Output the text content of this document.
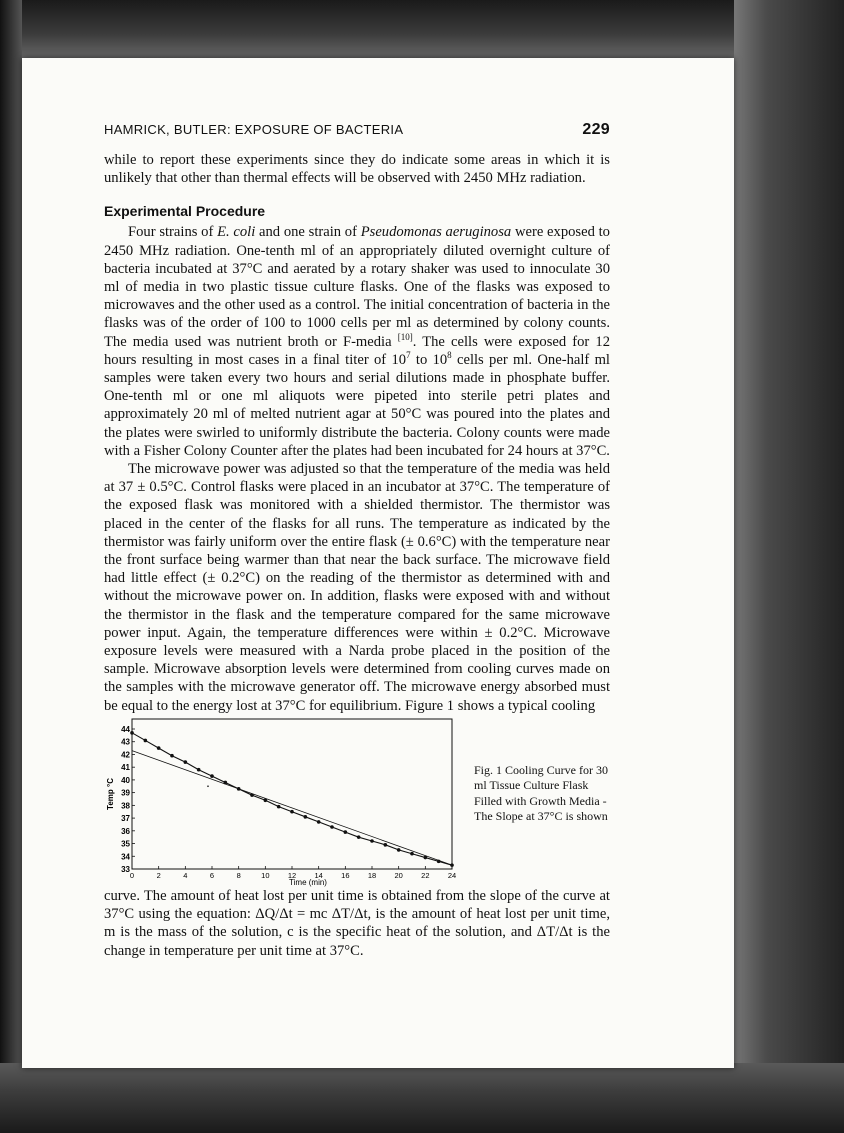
HAMRICK, BUTLER: EXPOSURE OF BACTERIA	229

while to report these experiments since they do indicate some areas in which it is unlikely that other than thermal effects will be observed with 2450 MHz radiation.

Experimental Procedure

Four strains of E. coli and one strain of Pseudomonas aeruginosa were exposed to 2450 MHz radiation. One-tenth ml of an appropriately diluted overnight culture of bacteria incubated at 37°C and aerated by a rotary shaker was used to innoculate 30 ml of media in two plastic tissue culture flasks. One of the flasks was exposed to microwaves and the other used as a control. The initial concentration of bacteria in the flasks was of the order of 100 to 1000 cells per ml as determined by colony counts. The media used was nutrient broth or F-media [10]. The cells were exposed for 12 hours resulting in most cases in a final titer of $10^7$ to $10^8$ cells per ml. One-half ml samples were taken every two hours and serial dilutions made in phosphate buffer. One-tenth ml or one ml aliquots were pipeted into sterile petri plates and approximately 20 ml of melted nutrient agar at 50°C was poured into the plates and the plates were swirled to uniformly distribute the bacteria. Colony counts were made with a Fisher Colony Counter after the plates had been incubated for 24 hours at 37°C.

The microwave power was adjusted so that the temperature of the media was held at 37 ± 0.5°C. Control flasks were placed in an incubator at 37°C. The temperature of the exposed flask was monitored with a shielded thermistor. The thermistor was placed in the center of the flasks for all runs. The temperature as indicated by the thermistor was fairly uniform over the entire flask (± 0.6°C) with the temperature near the front surface being warmer than that near the back surface. The microwave field had little effect (± 0.2°C) on the reading of the thermistor as determined with and without the microwave power on. In addition, flasks were exposed with and without the thermistor in the flask and the temperature compared for the same microwave power input. Again, the temperature differences were within ± 0.2°C. Microwave exposure levels were measured with a Narda probe placed in the position of the sample. Microwave absorption levels were determined from cooling curves made on the samples with the microwave generator off. The microwave energy absorbed must be equal to the energy lost at 37°C for equilibrium. Figure 1 shows a typical cooling

33
34
35
36
37
38
39
40
41
42
43
44
0	2	4	6	8	10 12 14 16 18 20 22 24
Time (min)
Temp °C
Fig. 1 Cooling Curve for 30 ml Tissue Culture Flask Filled with Growth Media - The Slope at 37°C is shown

curve. The amount of heat lost per unit time is obtained from the slope of the curve at 37°C using the equation: ΔQ/Δt = mc ΔT/Δt, is the amount of heat lost per unit time, m is the mass of the solution, c is the specific heat of the solution, and ΔT/Δt is the change in temperature per unit time at 37°C.
